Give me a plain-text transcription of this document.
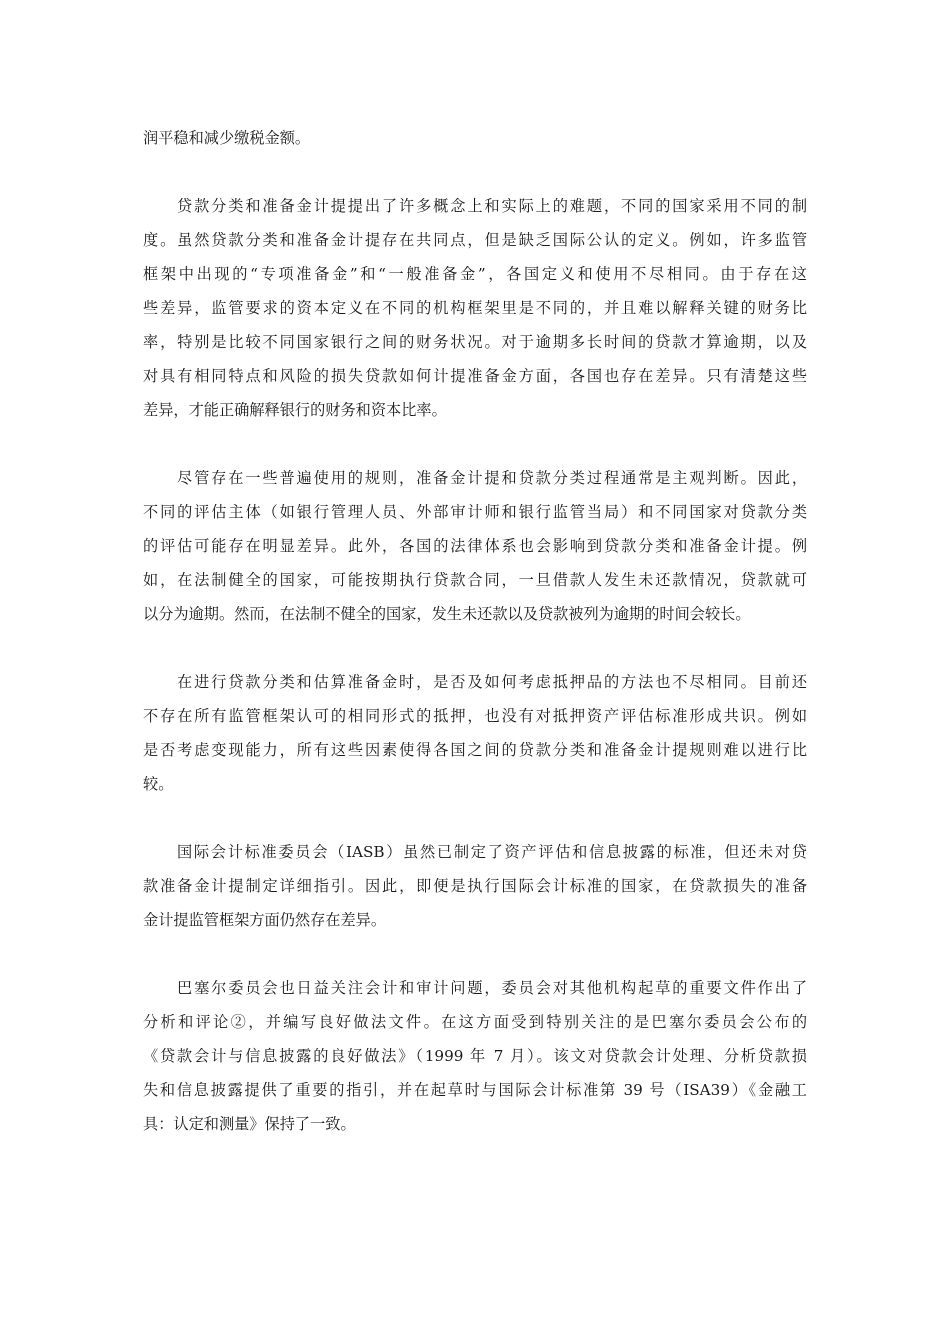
润平稳和减少缴税金额。
贷款分类和准备金计提提出了许多概念上和实际上的难题，不同的国家采用不同的制
度。虽然贷款分类和准备金计提存在共同点，但是缺乏国际公认的定义。例如，许多监管
框架中出现的“专项准备金”和“一般准备金”，各国定义和使用不尽相同。由于存在这
些差异，监管要求的资本定义在不同的机构框架里是不同的，并且难以解释关键的财务比
率，特别是比较不同国家银行之间的财务状况。对于逾期多长时间的贷款才算逾期，以及
对具有相同特点和风险的损失贷款如何计提准备金方面，各国也存在差异。只有清楚这些
差异，才能正确解释银行的财务和资本比率。
尽管存在一些普遍使用的规则，准备金计提和贷款分类过程通常是主观判断。因此，
不同的评估主体（如银行管理人员、外部审计师和银行监管当局）和不同国家对贷款分类
的评估可能存在明显差异。此外，各国的法律体系也会影响到贷款分类和准备金计提。例
如，在法制健全的国家，可能按期执行贷款合同，一旦借款人发生未还款情况，贷款就可
以分为逾期。然而，在法制不健全的国家，发生未还款以及贷款被列为逾期的时间会较长。
在进行贷款分类和估算准备金时，是否及如何考虑抵押品的方法也不尽相同。目前还
不存在所有监管框架认可的相同形式的抵押，也没有对抵押资产评估标准形成共识。例如
是否考虑变现能力，所有这些因素使得各国之间的贷款分类和准备金计提规则难以进行比
较。
国际会计标准委员会（IASB）虽然已制定了资产评估和信息披露的标准，但还未对贷
款准备金计提制定详细指引。因此，即便是执行国际会计标准的国家，在贷款损失的准备
金计提监管框架方面仍然存在差异。
巴塞尔委员会也日益关注会计和审计问题，委员会对其他机构起草的重要文件作出了
分析和评论②，并编写良好做法文件。在这方面受到特别关注的是巴塞尔委员会公布的
《贷款会计与信息披露的良好做法》（1999 年 7 月）。该文对贷款会计处理、分析贷款损
失和信息披露提供了重要的指引，并在起草时与国际会计标准第 39 号（ISA39）《金融工
具：认定和测量》保持了一致。
